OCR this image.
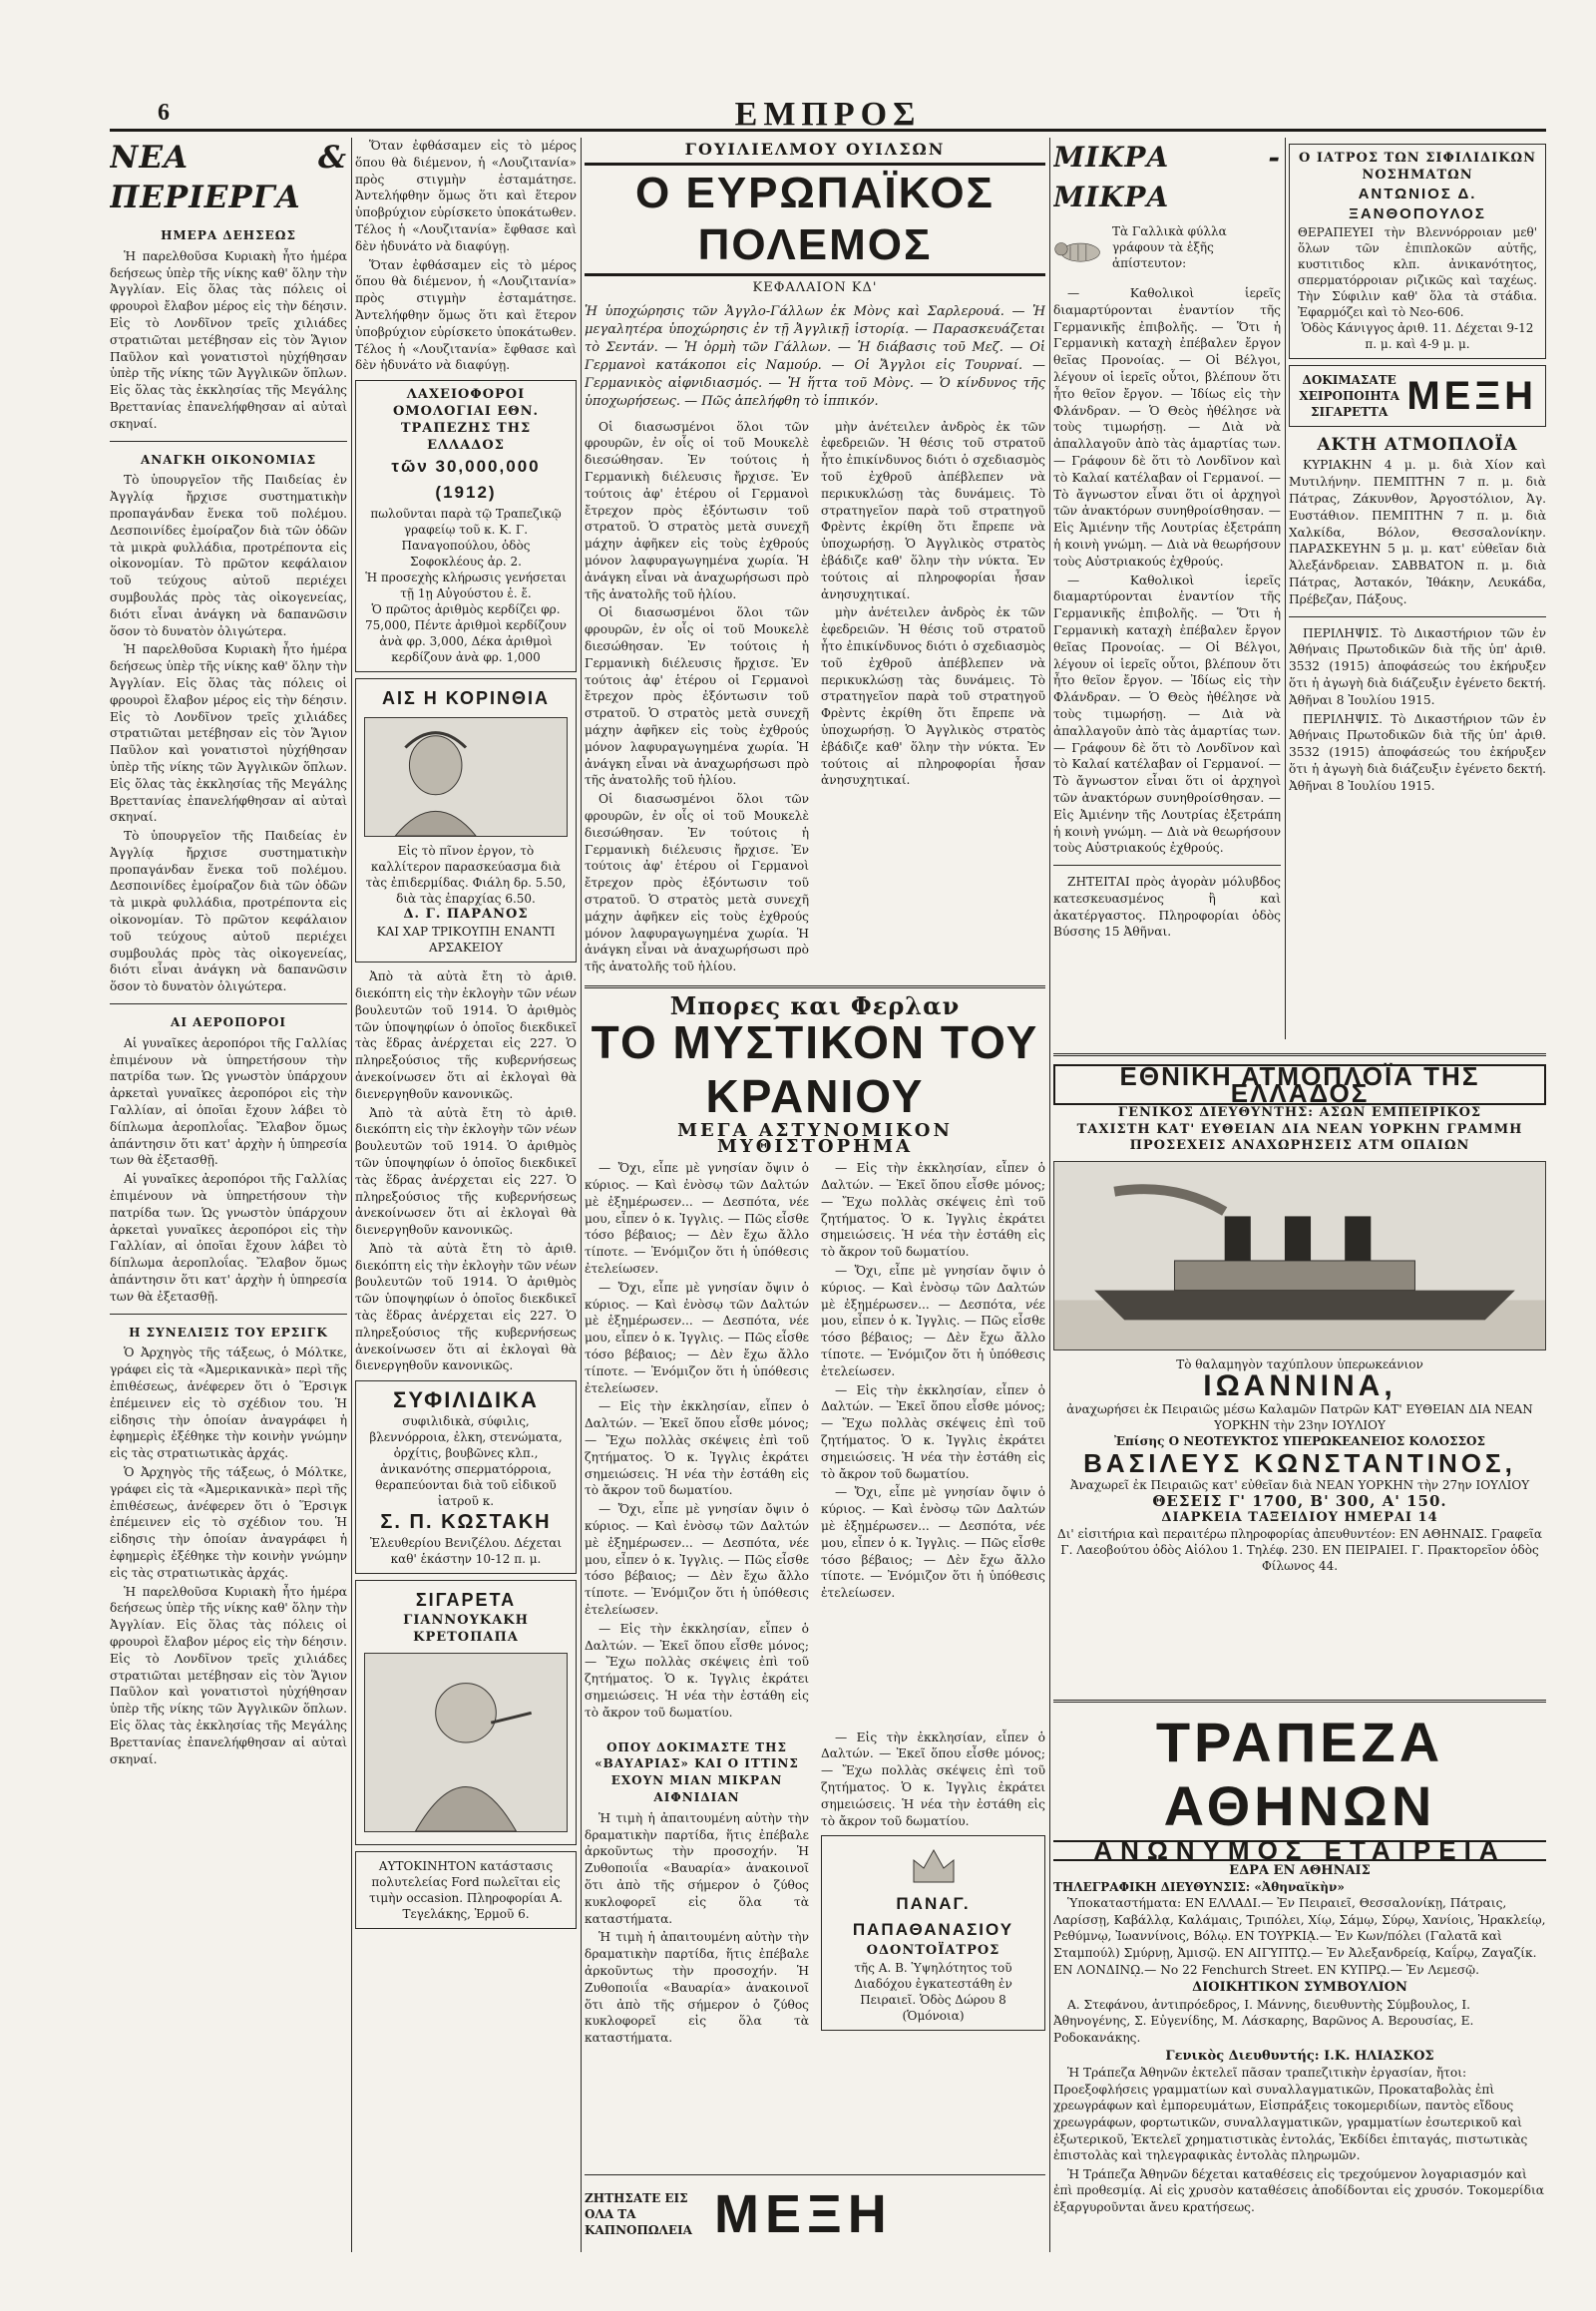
6	ΕΜΠΡΟΣ
ΝΕΑ & ΠΕΡΙΕΡΓΑ
ΗΜΕΡΑ ΔΕΗΣΕΩΣ

Ἡ παρελθοῦσα Κυριακὴ ἦτο ἡμέρα δεήσεως ὑπὲρ τῆς νίκης καθ' ὅλην τὴν Ἀγγλίαν. Εἰς ὅλας τὰς πόλεις οἱ φρουροὶ ἔλαβον μέρος εἰς τὴν δέησιν. Εἰς τὸ Λονδῖνον τρεῖς χιλιάδες στρατιῶται μετέβησαν εἰς τὸν Ἅγιον Παῦλον καὶ γονατιστοὶ ηὐχήθησαν ὑπὲρ τῆς νίκης τῶν Ἀγγλικῶν ὅπλων. Εἰς ὅλας τὰς ἐκκλησίας τῆς Μεγάλης Βρεττανίας ἐπανελήφθησαν αἱ αὐταὶ σκηναί.

ΑΝΑΓΚΗ ΟΙΚΟΝΟΜΙΑΣ

Τὸ ὑπουργεῖον τῆς Παιδείας ἐν Ἀγγλίᾳ ἤρχισε συστηματικὴν προπαγάνδαν ἕνεκα τοῦ πολέμου. Δεσποινίδες ἐμοίραζον διὰ τῶν ὁδῶν τὰ μικρὰ φυλλάδια, προτρέποντα εἰς οἰκονομίαν. Τὸ πρῶτον κεφάλαιον τοῦ τεύχους αὐτοῦ περιέχει συμβουλάς πρὸς τὰς οἰκογενείας, διότι εἶναι ἀνάγκη νὰ δαπανῶσιν ὅσον τὸ δυνατὸν ὀλιγώτερα.

Ἡ παρελθοῦσα Κυριακὴ ἦτο ἡμέρα δεήσεως ὑπὲρ τῆς νίκης καθ' ὅλην τὴν Ἀγγλίαν. Εἰς ὅλας τὰς πόλεις οἱ φρουροὶ ἔλαβον μέρος εἰς τὴν δέησιν. Εἰς τὸ Λονδῖνον τρεῖς χιλιάδες στρατιῶται μετέβησαν εἰς τὸν Ἅγιον Παῦλον καὶ γονατιστοὶ ηὐχήθησαν ὑπὲρ τῆς νίκης τῶν Ἀγγλικῶν ὅπλων. Εἰς ὅλας τὰς ἐκκλησίας τῆς Μεγάλης Βρεττανίας ἐπανελήφθησαν αἱ αὐταὶ σκηναί.

Τὸ ὑπουργεῖον τῆς Παιδείας ἐν Ἀγγλίᾳ ἤρχισε συστηματικὴν προπαγάνδαν ἕνεκα τοῦ πολέμου. Δεσποινίδες ἐμοίραζον διὰ τῶν ὁδῶν τὰ μικρὰ φυλλάδια, προτρέποντα εἰς οἰκονομίαν. Τὸ πρῶτον κεφάλαιον τοῦ τεύχους αὐτοῦ περιέχει συμβουλάς πρὸς τὰς οἰκογενείας, διότι εἶναι ἀνάγκη νὰ δαπανῶσιν ὅσον τὸ δυνατὸν ὀλιγώτερα.

ΑΙ ΑΕΡΟΠΟΡΟΙ

Αἱ γυναῖκες ἀεροπόροι τῆς Γαλλίας ἐπιμένουν νὰ ὑπηρετήσουν τὴν πατρίδα των. Ὡς γνωστὸν ὑπάρχουν ἀρκεταὶ γυναῖκες ἀεροπόροι εἰς τὴν Γαλλίαν, αἱ ὁποῖαι ἔχουν λάβει τὸ δίπλωμα ἀεροπλοΐας. Ἔλαβον ὅμως ἀπάντησιν ὅτι κατ' ἀρχὴν ἡ ὑπηρεσία των θὰ ἐξετασθῇ.

Αἱ γυναῖκες ἀεροπόροι τῆς Γαλλίας ἐπιμένουν νὰ ὑπηρετήσουν τὴν πατρίδα των. Ὡς γνωστὸν ὑπάρχουν ἀρκεταὶ γυναῖκες ἀεροπόροι εἰς τὴν Γαλλίαν, αἱ ὁποῖαι ἔχουν λάβει τὸ δίπλωμα ἀεροπλοΐας. Ἔλαβον ὅμως ἀπάντησιν ὅτι κατ' ἀρχὴν ἡ ὑπηρεσία των θὰ ἐξετασθῇ.

Η ΣΥΝΕΛΙΞΙΣ ΤΟΥ ΕΡΣΙΓΚ

Ὁ Ἀρχηγὸς τῆς τάξεως, ὁ Μόλτκε, γράφει εἰς τὰ «Ἀμερικανικὰ» περὶ τῆς ἐπιθέσεως, ἀνέφερεν ὅτι ὁ Ἕρσιγκ ἐπέμεινεν εἰς τὸ σχέδιον του. Ἡ εἰδησις τὴν ὁποίαν ἀναγράφει ἡ ἐφημερὶς ἐξέθηκε τὴν κοινὴν γνώμην εἰς τὰς στρατιωτικὰς ἀρχάς.

Ὁ Ἀρχηγὸς τῆς τάξεως, ὁ Μόλτκε, γράφει εἰς τὰ «Ἀμερικανικὰ» περὶ τῆς ἐπιθέσεως, ἀνέφερεν ὅτι ὁ Ἕρσιγκ ἐπέμεινεν εἰς τὸ σχέδιον του. Ἡ εἰδησις τὴν ὁποίαν ἀναγράφει ἡ ἐφημερὶς ἐξέθηκε τὴν κοινὴν γνώμην εἰς τὰς στρατιωτικὰς ἀρχάς.

Ἡ παρελθοῦσα Κυριακὴ ἦτο ἡμέρα δεήσεως ὑπὲρ τῆς νίκης καθ' ὅλην τὴν Ἀγγλίαν. Εἰς ὅλας τὰς πόλεις οἱ φρουροὶ ἔλαβον μέρος εἰς τὴν δέησιν. Εἰς τὸ Λονδῖνον τρεῖς χιλιάδες στρατιῶται μετέβησαν εἰς τὸν Ἅγιον Παῦλον καὶ γονατιστοὶ ηὐχήθησαν ὑπὲρ τῆς νίκης τῶν Ἀγγλικῶν ὅπλων. Εἰς ὅλας τὰς ἐκκλησίας τῆς Μεγάλης Βρεττανίας ἐπανελήφθησαν αἱ αὐταὶ σκηναί.

Ὅταν ἐφθάσαμεν εἰς τὸ μέρος ὅπου θὰ διέμενον, ἡ «Λουζιτανία» πρὸς στιγμὴν ἐσταμάτησε. Ἀντελήφθην ὅμως ὅτι καὶ ἕτερον ὑποβρύχιον εὑρίσκετο ὑποκάτωθεν. Τέλος ἡ «Λουζιτανία» ἔφθασε καὶ δὲν ἠδυνάτο νὰ διαφύγῃ.

Ὅταν ἐφθάσαμεν εἰς τὸ μέρος ὅπου θὰ διέμενον, ἡ «Λουζιτανία» πρὸς στιγμὴν ἐσταμάτησε. Ἀντελήφθην ὅμως ὅτι καὶ ἕτερον ὑποβρύχιον εὑρίσκετο ὑποκάτωθεν. Τέλος ἡ «Λουζιτανία» ἔφθασε καὶ δὲν ἠδυνάτο νὰ διαφύγῃ.

ΛΑΧΕΙΟΦΟΡΟΙ ΟΜΟΛΟΓΙΑΙ ΕΘΝ. ΤΡΑΠΕΖΗΣ ΤΗΣ ΕΛΛΑΔΟΣ
τῶν 30,000,000 (1912)
πωλοῦνται παρὰ τῷ Τραπεζικῷ γραφείῳ τοῦ κ. Κ. Γ. Παναγοπούλου, ὁδὸς Σοφοκλέους ἀρ. 2.
Ἡ προσεχὴς κλήρωσις γενήσεται τῇ 1ῃ Αὐγούστου ἐ. ἔ.
Ὁ πρῶτος ἀριθμὸς κερδίζει φρ. 75,000, Πέντε ἀριθμοὶ κερδίζουν ἀνὰ φρ. 3,000, Δέκα ἀριθμοὶ κερδίζουν ἀνὰ φρ. 1,000
ΑΙΣ Η ΚΟΡΙΝΘΙΑ
Εἰς τὸ πῖνον ἐργον, τὸ καλλίτερον παρασκεύασμα διὰ τὰς ἐπιδερμίδας. Φιάλη δρ. 5.50, διὰ τὰς ἐπαρχίας 6.50.
Δ. Γ. ΠΑΡΑΝΟΣ
ΚΑΙ ΧΑΡ ΤΡΙΚΟΥΠΗ ΕΝΑΝΤΙ ΑΡΣΑΚΕΙΟΥ

Ἀπὸ τὰ αὐτὰ ἔτη τὸ ἀριθ. διεκόπτη εἰς τὴν ἐκλογὴν τῶν νέων βουλευτῶν τοῦ 1914. Ὁ ἀριθμὸς τῶν ὑποψηφίων ὁ ὁποῖος διεκδικεῖ τὰς ἕδρας ἀνέρχεται εἰς 227. Ὁ πληρεξούσιος τῆς κυβερνήσεως ἀνεκοίνωσεν ὅτι αἱ ἐκλογαὶ θὰ διενεργηθοῦν κανονικῶς.

Ἀπὸ τὰ αὐτὰ ἔτη τὸ ἀριθ. διεκόπτη εἰς τὴν ἐκλογὴν τῶν νέων βουλευτῶν τοῦ 1914. Ὁ ἀριθμὸς τῶν ὑποψηφίων ὁ ὁποῖος διεκδικεῖ τὰς ἕδρας ἀνέρχεται εἰς 227. Ὁ πληρεξούσιος τῆς κυβερνήσεως ἀνεκοίνωσεν ὅτι αἱ ἐκλογαὶ θὰ διενεργηθοῦν κανονικῶς.

Ἀπὸ τὰ αὐτὰ ἔτη τὸ ἀριθ. διεκόπτη εἰς τὴν ἐκλογὴν τῶν νέων βουλευτῶν τοῦ 1914. Ὁ ἀριθμὸς τῶν ὑποψηφίων ὁ ὁποῖος διεκδικεῖ τὰς ἕδρας ἀνέρχεται εἰς 227. Ὁ πληρεξούσιος τῆς κυβερνήσεως ἀνεκοίνωσεν ὅτι αἱ ἐκλογαὶ θὰ διενεργηθοῦν κανονικῶς.

ΣΥΦΙΛΙΔΙΚΑ
συφιλιδικὰ, σύφιλις, βλεννόρροια, ἐλκη, στενώματα, ὀρχίτις, βουβῶνες κλπ., ἀνικανότης σπερματόρροια, θεραπεύονται διὰ τοῦ εἰδικοῦ ἰατροῦ κ.
Σ. Π. ΚΩΣΤΑΚΗ
Ἐλευθερίου Βενιζέλου. Δέχεται καθ' ἑκάστην 10-12 π. μ.
ΣΙΓΑΡΕΤΑ
ΓΙΑΝΝΟΥΚΑΚΗ ΚΡΕΤΟΠΑΠΑ
ΑΥΤΟΚΙΝΗΤΟΝ κατάστασις πολυτελείας Ford πωλεῖται εἰς τιμὴν occasion. Πληροφορίαι Α. Τεγελάκης, Ἑρμοῦ 6.
ΓΟΥΙΛΙΕΛΜΟΥ ΟΥΙΛΣΩΝ
Ο ΕΥΡΩΠΑΪΚΟΣ ΠΟΛΕΜΟΣ
ΚΕΦΑΛΑΙΟΝ ΚΔ'
Ἡ ὑποχώρησις τῶν Ἀγγλο-Γάλλων ἐκ Μὸνς καὶ Σαρλερουά. — Ἡ μεγαλητέρα ὑποχώρησις ἐν τῇ Ἀγγλικῇ ἱστορίᾳ. — Παρασκευάζεται τὸ Σεντάν. — Ἡ ὁρμὴ τῶν Γάλλων. — Ἡ διάβασις τοῦ Μεζ. — Οἱ Γερμανοὶ κατάκοποι εἰς Ναμούρ. — Οἱ Ἄγγλοι εἰς Τουρναί. — Γερμανικὸς αἰφνιδιασμός. — Ἡ ἥττα τοῦ Μὸνς. — Ὁ κίνδυνος τῆς ὑποχωρήσεως. — Πῶς ἀπελήφθη τὸ ἱππικόν.

Οἱ διασωσμένοι ὅλοι τῶν φρουρῶν, ἐν οἷς οἱ τοῦ Μουκελὲ διεσώθησαν. Ἐν τούτοις ἡ Γερμανικὴ διέλευσις ἤρχισε. Ἐν τούτοις ἀφ' ἑτέρου οἱ Γερμανοὶ ἔτρεχον πρὸς ἐξόντωσιν τοῦ στρατοῦ. Ὁ στρατὸς μετὰ συνεχῆ μάχην ἀφῆκεν εἰς τοὺς ἐχθρούς μόνον λαφυραγωγημένα χωρία. Ἡ ἀνάγκη εἶναι νὰ ἀναχωρήσωσι πρὸ τῆς ἀνατολῆς τοῦ ἡλίου.

Οἱ διασωσμένοι ὅλοι τῶν φρουρῶν, ἐν οἷς οἱ τοῦ Μουκελὲ διεσώθησαν. Ἐν τούτοις ἡ Γερμανικὴ διέλευσις ἤρχισε. Ἐν τούτοις ἀφ' ἑτέρου οἱ Γερμανοὶ ἔτρεχον πρὸς ἐξόντωσιν τοῦ στρατοῦ. Ὁ στρατὸς μετὰ συνεχῆ μάχην ἀφῆκεν εἰς τοὺς ἐχθρούς μόνον λαφυραγωγημένα χωρία. Ἡ ἀνάγκη εἶναι νὰ ἀναχωρήσωσι πρὸ τῆς ἀνατολῆς τοῦ ἡλίου.

Οἱ διασωσμένοι ὅλοι τῶν φρουρῶν, ἐν οἷς οἱ τοῦ Μουκελὲ διεσώθησαν. Ἐν τούτοις ἡ Γερμανικὴ διέλευσις ἤρχισε. Ἐν τούτοις ἀφ' ἑτέρου οἱ Γερμανοὶ ἔτρεχον πρὸς ἐξόντωσιν τοῦ στρατοῦ. Ὁ στρατὸς μετὰ συνεχῆ μάχην ἀφῆκεν εἰς τοὺς ἐχθρούς μόνον λαφυραγωγημένα χωρία. Ἡ ἀνάγκη εἶναι νὰ ἀναχωρήσωσι πρὸ τῆς ἀνατολῆς τοῦ ἡλίου.

μὴν ἀνέτειλεν ἀνδρὸς ἐκ τῶν ἐφεδρειῶν. Ἡ θέσις τοῦ στρατοῦ ἦτο ἐπικίνδυνος διότι ὁ σχεδιασμὸς τοῦ ἐχθροῦ ἀπέβλεπεν νὰ περικυκλώσῃ τὰς δυνάμεις. Τὸ στρατηγεῖον παρὰ τοῦ στρατηγοῦ Φρὲντς ἐκρίθη ὅτι ἔπρεπε νὰ ὑποχωρήσῃ. Ὁ Ἀγγλικὸς στρατὸς ἐβάδιζε καθ' ὅλην τὴν νύκτα. Ἐν τούτοις αἱ πληροφορίαι ἦσαν ἀνησυχητικαί.

μὴν ἀνέτειλεν ἀνδρὸς ἐκ τῶν ἐφεδρειῶν. Ἡ θέσις τοῦ στρατοῦ ἦτο ἐπικίνδυνος διότι ὁ σχεδιασμὸς τοῦ ἐχθροῦ ἀπέβλεπεν νὰ περικυκλώσῃ τὰς δυνάμεις. Τὸ στρατηγεῖον παρὰ τοῦ στρατηγοῦ Φρὲντς ἐκρίθη ὅτι ἔπρεπε νὰ ὑποχωρήσῃ. Ὁ Ἀγγλικὸς στρατὸς ἐβάδιζε καθ' ὅλην τὴν νύκτα. Ἐν τούτοις αἱ πληροφορίαι ἦσαν ἀνησυχητικαί.

Μπορες και Φερλαν
ΤΟ ΜΥΣΤΙΚΟΝ ΤΟΥ ΚΡΑΝΙΟΥ
ΜΕΓΑ ΑΣΤΥΝΟΜΙΚΟΝ ΜΥΘΙΣΤΟΡΗΜΑ

— Ὄχι, εἶπε μὲ γνησίαν ὄψιν ὁ κύριος. — Καὶ ἐνὸσῳ τῶν Δαλτών μὲ ἐξημέρωσεν... — Δεσπότα, νέε μου, εἶπεν ὁ κ. Ἰγγλις. — Πῶς εἶσθε τόσο βέβαιος; — Δὲν ἔχω ἄλλο τίποτε. — Ἐνόμιζον ὅτι ἡ ὑπόθεσις ἐτελείωσεν.

— Ὄχι, εἶπε μὲ γνησίαν ὄψιν ὁ κύριος. — Καὶ ἐνὸσῳ τῶν Δαλτών μὲ ἐξημέρωσεν... — Δεσπότα, νέε μου, εἶπεν ὁ κ. Ἰγγλις. — Πῶς εἶσθε τόσο βέβαιος; — Δὲν ἔχω ἄλλο τίποτε. — Ἐνόμιζον ὅτι ἡ ὑπόθεσις ἐτελείωσεν.

— Εἰς τὴν ἐκκλησίαν, εἶπεν ὁ Δαλτών. — Ἐκεῖ ὅπου εἶσθε μόνος; — Ἔχω πολλὰς σκέψεις ἐπὶ τοῦ ζητήματος. Ὁ κ. Ἰγγλις ἐκράτει σημειώσεις. Ἡ νέα τὴν ἐστάθη εἰς τὸ ἄκρον τοῦ δωματίου.

— Ὄχι, εἶπε μὲ γνησίαν ὄψιν ὁ κύριος. — Καὶ ἐνὸσῳ τῶν Δαλτών μὲ ἐξημέρωσεν... — Δεσπότα, νέε μου, εἶπεν ὁ κ. Ἰγγλις. — Πῶς εἶσθε τόσο βέβαιος; — Δὲν ἔχω ἄλλο τίποτε. — Ἐνόμιζον ὅτι ἡ ὑπόθεσις ἐτελείωσεν.

— Εἰς τὴν ἐκκλησίαν, εἶπεν ὁ Δαλτών. — Ἐκεῖ ὅπου εἶσθε μόνος; — Ἔχω πολλὰς σκέψεις ἐπὶ τοῦ ζητήματος. Ὁ κ. Ἰγγλις ἐκράτει σημειώσεις. Ἡ νέα τὴν ἐστάθη εἰς τὸ ἄκρον τοῦ δωματίου.

— Εἰς τὴν ἐκκλησίαν, εἶπεν ὁ Δαλτών. — Ἐκεῖ ὅπου εἶσθε μόνος; — Ἔχω πολλὰς σκέψεις ἐπὶ τοῦ ζητήματος. Ὁ κ. Ἰγγλις ἐκράτει σημειώσεις. Ἡ νέα τὴν ἐστάθη εἰς τὸ ἄκρον τοῦ δωματίου.

— Ὄχι, εἶπε μὲ γνησίαν ὄψιν ὁ κύριος. — Καὶ ἐνὸσῳ τῶν Δαλτών μὲ ἐξημέρωσεν... — Δεσπότα, νέε μου, εἶπεν ὁ κ. Ἰγγλις. — Πῶς εἶσθε τόσο βέβαιος; — Δὲν ἔχω ἄλλο τίποτε. — Ἐνόμιζον ὅτι ἡ ὑπόθεσις ἐτελείωσεν.

— Εἰς τὴν ἐκκλησίαν, εἶπεν ὁ Δαλτών. — Ἐκεῖ ὅπου εἶσθε μόνος; — Ἔχω πολλὰς σκέψεις ἐπὶ τοῦ ζητήματος. Ὁ κ. Ἰγγλις ἐκράτει σημειώσεις. Ἡ νέα τὴν ἐστάθη εἰς τὸ ἄκρον τοῦ δωματίου.

— Ὄχι, εἶπε μὲ γνησίαν ὄψιν ὁ κύριος. — Καὶ ἐνὸσῳ τῶν Δαλτών μὲ ἐξημέρωσεν... — Δεσπότα, νέε μου, εἶπεν ὁ κ. Ἰγγλις. — Πῶς εἶσθε τόσο βέβαιος; — Δὲν ἔχω ἄλλο τίποτε. — Ἐνόμιζον ὅτι ἡ ὑπόθεσις ἐτελείωσεν.

ΟΠΟΥ ΔΟΚΙΜΑΣΤΕ ΤΗΣ «ΒΑΥΑΡΙΑΣ» ΚΑΙ Ο ΙΤΤΙΝΣ ΕΧΟΥΝ ΜΙΑΝ ΜΙΚΡΑΝ ΑΙΦΝΙΔΙΑΝ

Ἡ τιμὴ ἡ ἀπαιτουμένη αὐτὴν τὴν δραματικὴν παρτίδα, ἥτις ἐπέβαλε ἀρκοῦντως τὴν προσοχήν. Ἡ Ζυθοποιΐα «Βαυαρία» ἀνακοινοῖ ὅτι ἀπὸ τῆς σήμερον ὁ ζύθος κυκλοφορεῖ εἰς ὅλα τὰ καταστήματα.

Ἡ τιμὴ ἡ ἀπαιτουμένη αὐτὴν τὴν δραματικὴν παρτίδα, ἥτις ἐπέβαλε ἀρκοῦντως τὴν προσοχήν. Ἡ Ζυθοποιΐα «Βαυαρία» ἀνακοινοῖ ὅτι ἀπὸ τῆς σήμερον ὁ ζύθος κυκλοφορεῖ εἰς ὅλα τὰ καταστήματα.

— Εἰς τὴν ἐκκλησίαν, εἶπεν ὁ Δαλτών. — Ἐκεῖ ὅπου εἶσθε μόνος; — Ἔχω πολλὰς σκέψεις ἐπὶ τοῦ ζητήματος. Ὁ κ. Ἰγγλις ἐκράτει σημειώσεις. Ἡ νέα τὴν ἐστάθη εἰς τὸ ἄκρον τοῦ δωματίου.

ΠΑΝΑΓ. ΠΑΠΑΘΑΝΑΣΙΟΥ
ΟΔΟΝΤΟΪΑΤΡΟΣ
τῆς Α. Β. Ὑψηλότητος τοῦ Διαδόχου ἐγκατεστάθη ἐν Πειραιεῖ. Ὁδὸς Δώρου 8 (Ὁμόνοια)
ΖΗΤΗΣΑΤΕ ΕΙΣ ΟΛΑ ΤΑ ΚΑΠΝΟΠΩΛΕΙΑ ΜΕΞΗ
ΜΙΚΡΑ - ΜΙΚΡΑ
Τὰ Γαλλικὰ φύλλα γράφουν τὰ ἑξῆς ἀπίστευτον:

— Καθολικοὶ ἱερεῖς διαμαρτύρονται ἐναντίον τῆς Γερμανικῆς ἐπιβολῆς. — Ὅτι ἡ Γερμανικὴ καταχὴ ἐπέβαλεν ἔργον θεῖας Προνοίας. — Οἱ Βέλγοι, λέγουν οἱ ἱερεῖς οὗτοι, βλέπουν ὅτι ἦτο θεῖον ἔργον. — Ἰδίως εἰς τὴν Φλάνδραν. — Ὁ Θεὸς ἠθέλησε νὰ τοὺς τιμωρήσῃ. — Διὰ νὰ ἀπαλλαγοῦν ἀπὸ τὰς ἁμαρτίας των. — Γράφουν δὲ ὅτι τὸ Λονδῖνον καὶ τὸ Καλαί κατέλαβαν οἱ Γερμανοί. — Τὸ ἄγνωστον εἶναι ὅτι οἱ ἀρχηγοὶ τῶν ἀνακτόρων συνηθροίσθησαν. — Εἰς Ἀμιένην τῆς Λουτρίας ἐξετράπη ἡ κοινὴ γνώμη. — Διὰ νὰ θεωρήσουν τοὺς Αὐστριακούς ἐχθρούς.

— Καθολικοὶ ἱερεῖς διαμαρτύρονται ἐναντίον τῆς Γερμανικῆς ἐπιβολῆς. — Ὅτι ἡ Γερμανικὴ καταχὴ ἐπέβαλεν ἔργον θεῖας Προνοίας. — Οἱ Βέλγοι, λέγουν οἱ ἱερεῖς οὗτοι, βλέπουν ὅτι ἦτο θεῖον ἔργον. — Ἰδίως εἰς τὴν Φλάνδραν. — Ὁ Θεὸς ἠθέλησε νὰ τοὺς τιμωρήσῃ. — Διὰ νὰ ἀπαλλαγοῦν ἀπὸ τὰς ἁμαρτίας των. — Γράφουν δὲ ὅτι τὸ Λονδῖνον καὶ τὸ Καλαί κατέλαβαν οἱ Γερμανοί. — Τὸ ἄγνωστον εἶναι ὅτι οἱ ἀρχηγοὶ τῶν ἀνακτόρων συνηθροίσθησαν. — Εἰς Ἀμιένην τῆς Λουτρίας ἐξετράπη ἡ κοινὴ γνώμη. — Διὰ νὰ θεωρήσουν τοὺς Αὐστριακούς ἐχθρούς.

ΖΗΤΕΙΤΑΙ πρὸς ἀγορὰν μόλυβδος κατεσκευασμένος ἢ καὶ ἀκατέργαστος. Πληροφορίαι ὁδὸς Βύσσης 15 Ἀθῆναι.

Ο ΙΑΤΡΟΣ ΤΩΝ ΣΙΦΙΛΙΔΙΚΩΝ ΝΟΣΗΜΑΤΩΝ
ΑΝΤΩΝΙΟΣ Δ. ΞΑΝΘΟΠΟΥΛΟΣ
ΘΕΡΑΠΕΥΕΙ τὴν Βλεννόρροιαν μεθ' ὅλων τῶν ἐπιπλοκῶν αὐτῆς, κυστιτιδος κλπ. ἀνικανότητος, σπερματόρροιαν ριζικῶς καὶ ταχέως. Τὴν Σύφιλιν καθ' ὅλα τὰ στάδια. Ἐφαρμόζει καὶ τὸ Νεο-606.
Ὁδὸς Κάνιγγος ἀριθ. 11. Δέχεται 9-12 π. μ. καὶ 4-9 μ. μ.
ΔΟΚΙΜΑΣΑΤΕ ΧΕΙΡΟΠΟΙΗΤΑ ΣΙΓΑΡΕΤΤΑ ΜΕΞΗ
ΑΚΤΗ ΑΤΜΟΠΛΟΪΑ

ΚΥΡΙΑΚΗΝ 4 μ. μ. διὰ Χίον καὶ Μυτιλήνην. ΠΕΜΠΤΗΝ 7 π. μ. διὰ Πάτρας, Ζάκυνθον, Ἀργοστόλιον, Ἀγ. Ευστάθιον. ΠΕΜΠΤΗΝ 7 π. μ. διὰ Χαλκίδα, Βόλον, Θεσσαλονίκην. ΠΑΡΑΣΚΕΥΗΝ 5 μ. μ. κατ' εὐθεῖαν διὰ Ἀλεξάνδρειαν. ΣΑΒΒΑΤΟΝ π. μ. διὰ Πάτρας, Ἀστακόν, Ἰθάκην, Λευκάδα, Πρέβεζαν, Πάξους.

ΠΕΡΙΛΗΨΙΣ. Τὸ Δικαστήριον τῶν ἐν Ἀθήναις Πρωτοδικῶν διὰ τῆς ὑπ' ἀριθ. 3532 (1915) ἀποφάσεώς του ἐκήρυξεν ὅτι ἡ ἀγωγὴ διὰ διάζευξιν ἐγένετο δεκτή. Ἀθῆναι 8 Ἰουλίου 1915.

ΠΕΡΙΛΗΨΙΣ. Τὸ Δικαστήριον τῶν ἐν Ἀθήναις Πρωτοδικῶν διὰ τῆς ὑπ' ἀριθ. 3532 (1915) ἀποφάσεώς του ἐκήρυξεν ὅτι ἡ ἀγωγὴ διὰ διάζευξιν ἐγένετο δεκτή. Ἀθῆναι 8 Ἰουλίου 1915.

ΕΘΝΙΚΗ ΑΤΜΟΠΛΟΪΑ ΤΗΣ ΕΛΛΑΔΟΣ
ΓΕΝΙΚΟΣ ΔΙΕΥΘΥΝΤΗΣ: ΑΣΩΝ ΕΜΠΕΙΡΙΚΟΣ
ΤΑΧΙΣΤΗ ΚΑΤ' ΕΥΘΕΙΑΝ ΔΙΑ ΝΕΑΝ ΥΟΡΚΗΝ ΓΡΑΜΜΗ
ΠΡΟΣΕΧΕΙΣ ΑΝΑΧΩΡΗΣΕΙΣ ΑΤΜ ΟΠΑΙΩΝ
Τὸ θαλαμηγὸν ταχύπλουν ὑπερωκεάνιον
ΙΩΑΝΝΙΝΑ,
ἀναχωρήσει ἐκ Πειραιῶς μέσω Καλαμῶν Πατρῶν ΚΑΤ' ΕΥΘΕΙΑΝ ΔΙΑ ΝΕΑΝ ΥΟΡΚΗΝ τὴν 23ην ΙΟΥΛΙΟΥ
Ἐπίσης Ο ΝΕΟΤΕΥΚΤΟΣ ΥΠΕΡΩΚΕΑΝΕΙΟΣ ΚΟΛΟΣΣΟΣ
ΒΑΣΙΛΕΥΣ ΚΩΝΣΤΑΝΤΙΝΟΣ,
Ἀναχωρεῖ ἐκ Πειραιῶς κατ' εὐθεῖαν διὰ ΝΕΑΝ ΥΟΡΚΗΝ τὴν 27ην ΙΟΥΛΙΟΥ
ΘΕΣΕΙΣ Γ' 1700, Β' 300, Α' 150.
ΔΙΑΡΚΕΙΑ ΤΑΞΕΙΔΙΟΥ ΗΜΕΡΑΙ 14
Δι' εἰσιτήρια καὶ περαιτέρω πληροφορίας ἀπευθυντέον: ΕΝ ΑΘΗΝΑΙΣ. Γραφεῖα Γ. Λαεοβούτου ὁδὸς Αἰόλου 1. Τηλέφ. 230. ΕΝ ΠΕΙΡΑΙΕΙ. Γ. Πρακτορεῖον ὁδὸς Φίλωνος 44.
ΤΡΑΠΕΖΑ ΑΘΗΝΩΝ
ΑΝΩΝΥΜΟΣ ΕΤΑΙΡΕΙΑ
ΕΔΡΑ ΕΝ ΑΘΗΝΑΙΣ
ΤΗΛΕΓΡΑΦΙΚΗ ΔΙΕΥΘΥΝΣΙΣ: «Ἀθηναϊκὴν»

Ὑποκαταστήματα: ΕΝ ΕΛΛΑΔΙ.— Ἐν Πειραιεῖ, Θεσσαλονίκῃ, Πάτραις, Λαρίσσῃ, Καβάλλᾳ, Καλάμαις, Τριπόλει, Χίῳ, Σάμῳ, Σύρῳ, Χανίοις, Ἡρακλείῳ, Ρεθύμνῳ, Ἰωαννίνοις, Βόλῳ. ΕΝ ΤΟΥΡΚΙᾼ.— Ἐν Κων/πόλει (Γαλατᾶ καὶ Σταμπούλ) Σμύρνῃ, Ἀμισῷ. ΕΝ ΑΙΓΥΠΤῼ.— Ἐν Ἀλεξανδρείᾳ, Καΐρῳ, Ζαγαζίκ. ΕΝ ΛΟΝΔΙΝῼ.— No 22 Fenchurch Street. ΕΝ ΚΥΠΡῼ.— Ἐν Λεμεσῷ.

ΔΙΟΙΚΗΤΙΚΟΝ ΣΥΜΒΟΥΛΙΟΝ

Α. Στεφάνου, ἀντιπρόεδρος, Ι. Μάννης, διευθυντὴς Σύμβουλος, Ι. Ἀθηνογένης, Σ. Εὐγενίδης, Μ. Λάσκαρης, Βαρῶνος Α. Βερουσίας, Ε. Ροδοκανάκης.

Γενικὸς Διευθυντής: Ι.Κ. ΗΛΙΑΣΚΟΣ

Ἡ Τράπεζα Ἀθηνῶν ἐκτελεῖ πᾶσαν τραπεζιτικὴν ἐργασίαν, ἤτοι: Προεξοφλήσεις γραμματίων καὶ συναλλαγματικῶν, Προκαταβολὰς ἐπὶ χρεωγράφων καὶ ἐμπορευμάτων, Εἰσπράξεις τοκομεριδίων, παντὸς εἴδους χρεωγράφων, φορτωτικῶν, συναλλαγματικῶν, γραμματίων ἐσωτερικοῦ καὶ ἐξωτερικοῦ, Ἐκτελεῖ χρηματιστικὰς ἐντολάς, Ἐκδίδει ἐπιταγάς, πιστωτικὰς ἐπιστολὰς καὶ τηλεγραφικὰς ἐντολὰς πληρωμῶν.

Ἡ Τράπεζα Ἀθηνῶν δέχεται καταθέσεις εἰς τρεχούμενον λογαριασμόν καὶ ἐπὶ προθεσμίᾳ. Αἱ εἰς χρυσὸν καταθέσεις ἀποδίδονται εἰς χρυσόν. Τοκομερίδια ἐξαργυροῦνται ἄνευ κρατήσεως.
